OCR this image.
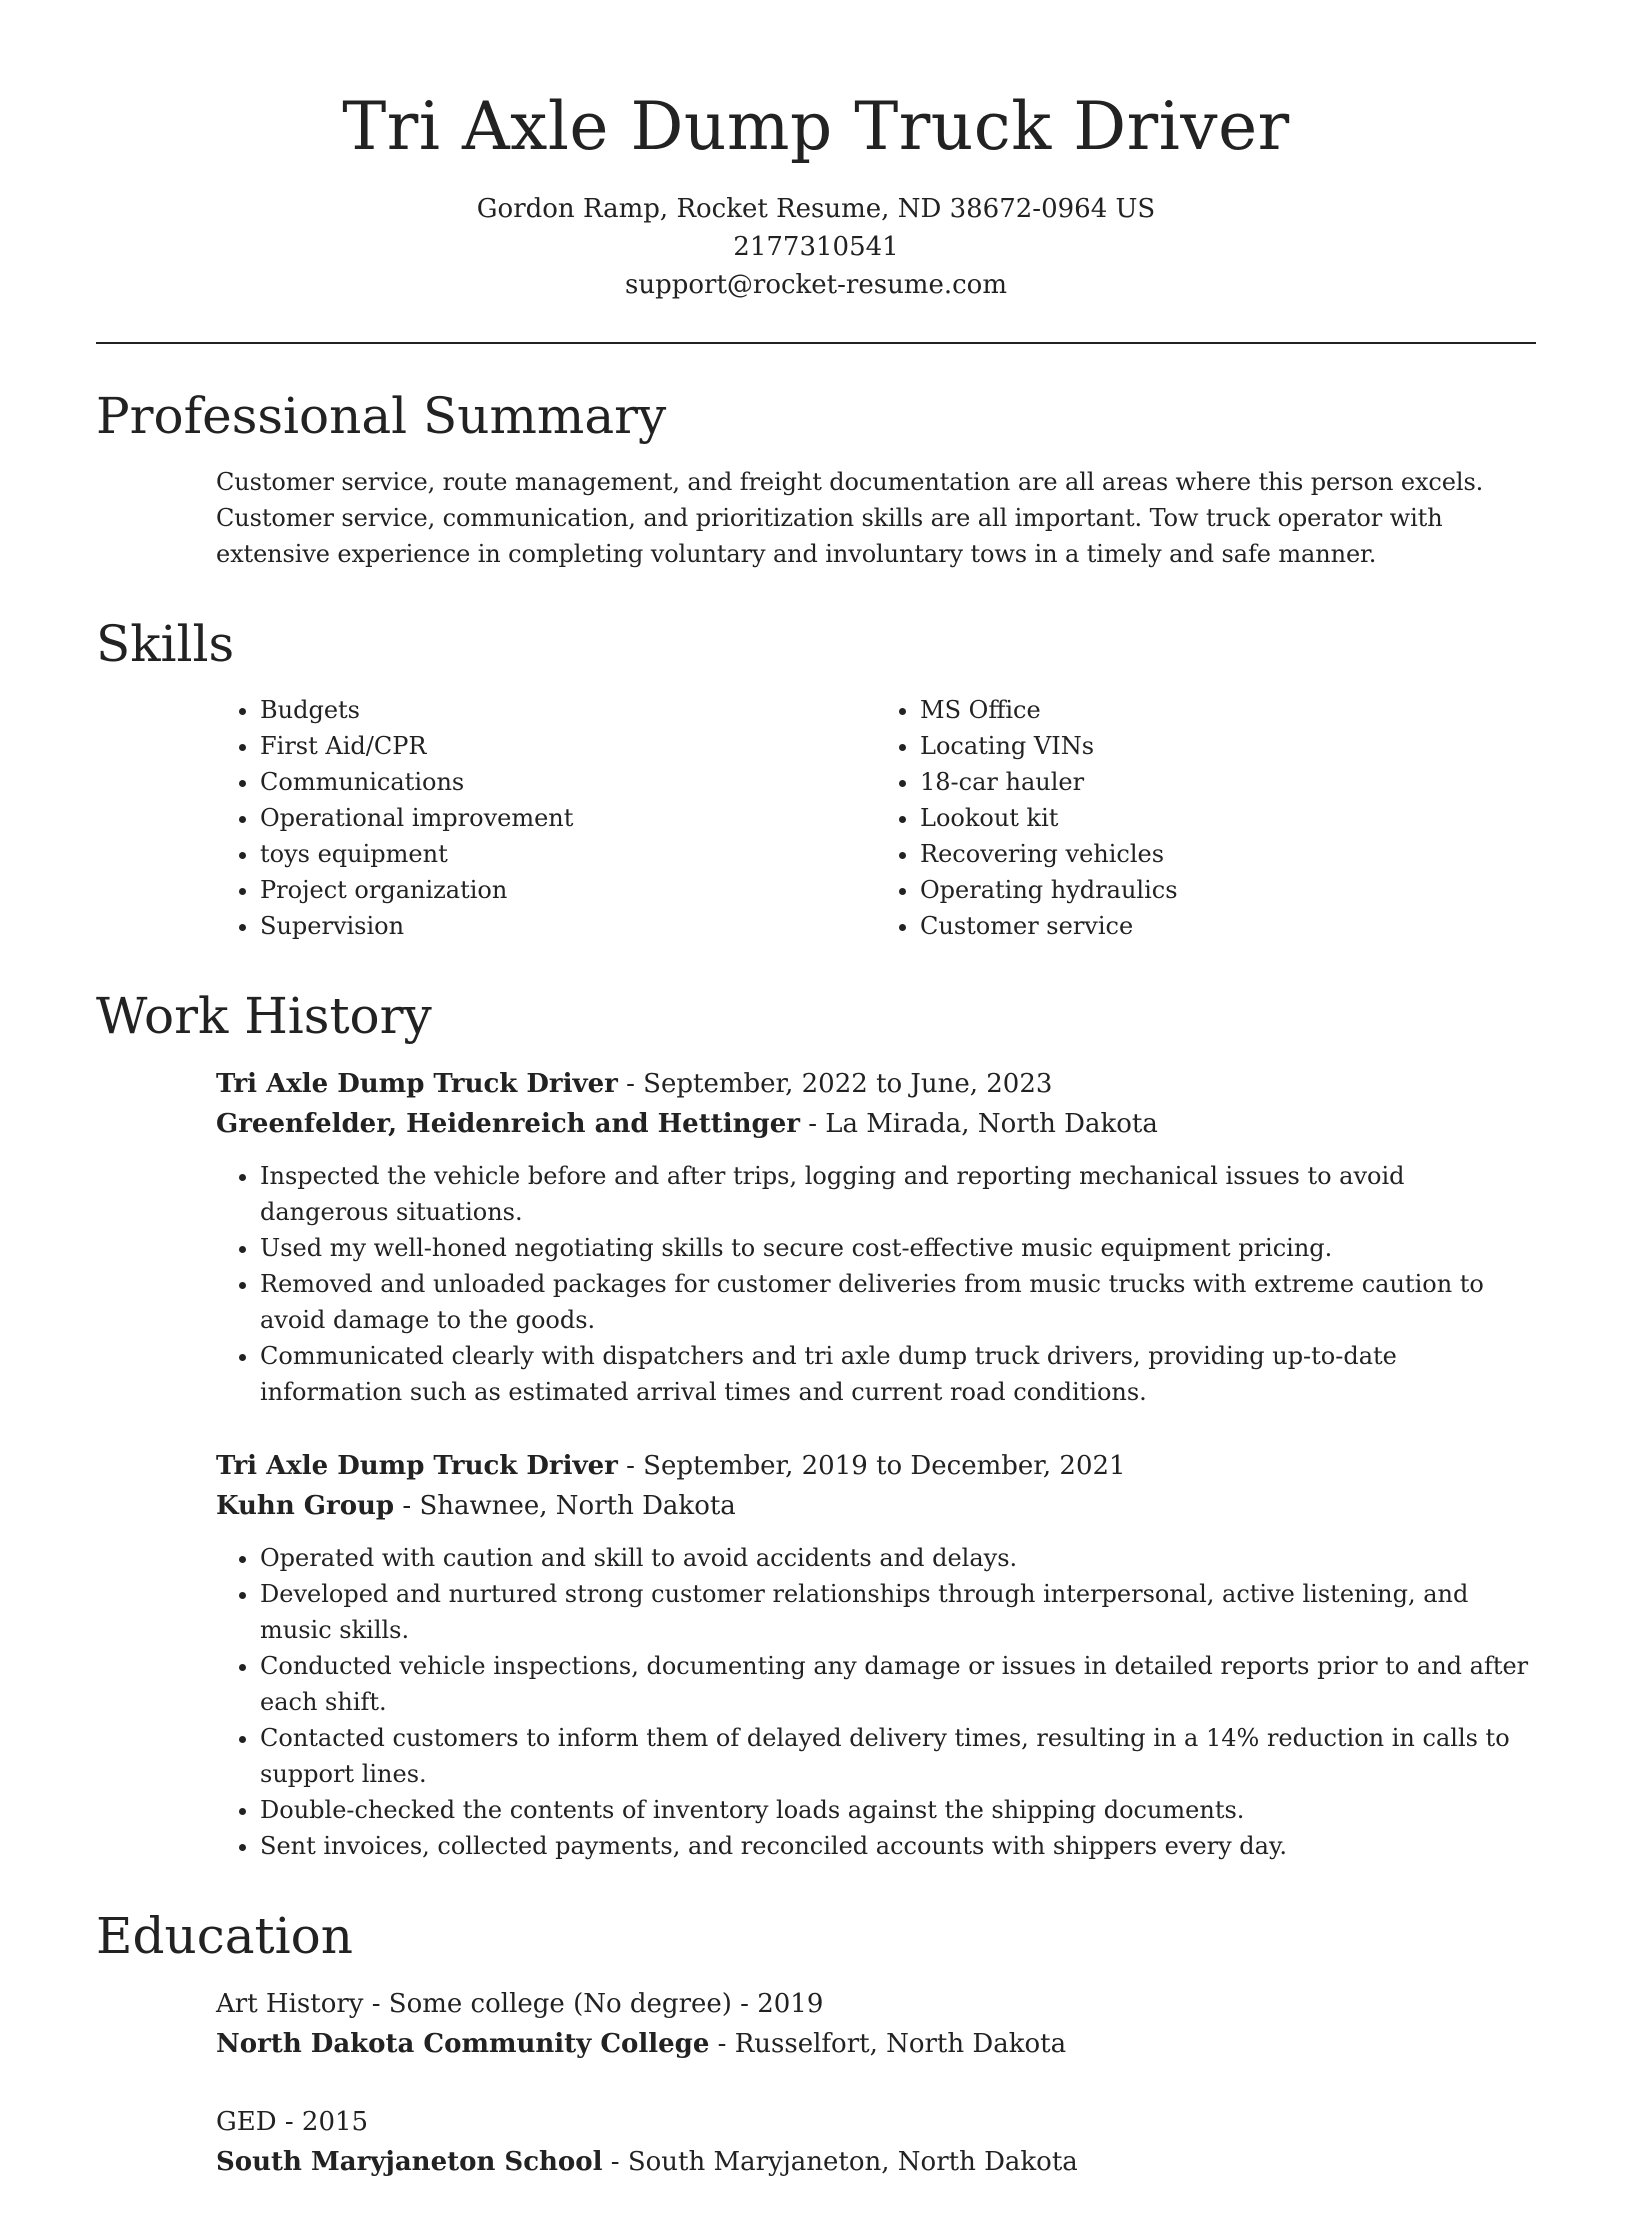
Tri Axle Dump Truck Driver
Gordon Ramp, Rocket Resume, ND 38672-0964 US
2177310541
support@rocket-resume.com
Professional Summary

Customer service, route management, and freight documentation are all areas where this person excels. Customer service, communication, and prioritization skills are all important. Tow truck operator with extensive experience in completing voluntary and involuntary tows in a timely and safe manner.

Skills
• Budgets
• First Aid/CPR
• Communications
• Operational improvement
• toys equipment
• Project organization
• Supervision
• MS Office
• Locating VINs
• 18-car hauler
• Lookout kit
• Recovering vehicles
• Operating hydraulics
• Customer service
Work History
Tri Axle Dump Truck Driver - September, 2022 to June, 2023
Greenfelder, Heidenreich and Hettinger - La Mirada, North Dakota
• Inspected the vehicle before and after trips, logging and reporting mechanical issues to avoid dangerous situations.
• Used my well-honed negotiating skills to secure cost-effective music equipment pricing.
• Removed and unloaded packages for customer deliveries from music trucks with extreme caution to avoid damage to the goods.
• Communicated clearly with dispatchers and tri axle dump truck drivers, providing up-to-date information such as estimated arrival times and current road conditions.
Tri Axle Dump Truck Driver - September, 2019 to December, 2021
Kuhn Group - Shawnee, North Dakota
• Operated with caution and skill to avoid accidents and delays.
• Developed and nurtured strong customer relationships through interpersonal, active listening, and music skills.
• Conducted vehicle inspections, documenting any damage or issues in detailed reports prior to and after each shift.
• Contacted customers to inform them of delayed delivery times, resulting in a 14% reduction in calls to support lines.
• Double-checked the contents of inventory loads against the shipping documents.
• Sent invoices, collected payments, and reconciled accounts with shippers every day.
Education
Art History - Some college (No degree) - 2019
North Dakota Community College - Russelfort, North Dakota
GED - 2015
South Maryjaneton School - South Maryjaneton, North Dakota
